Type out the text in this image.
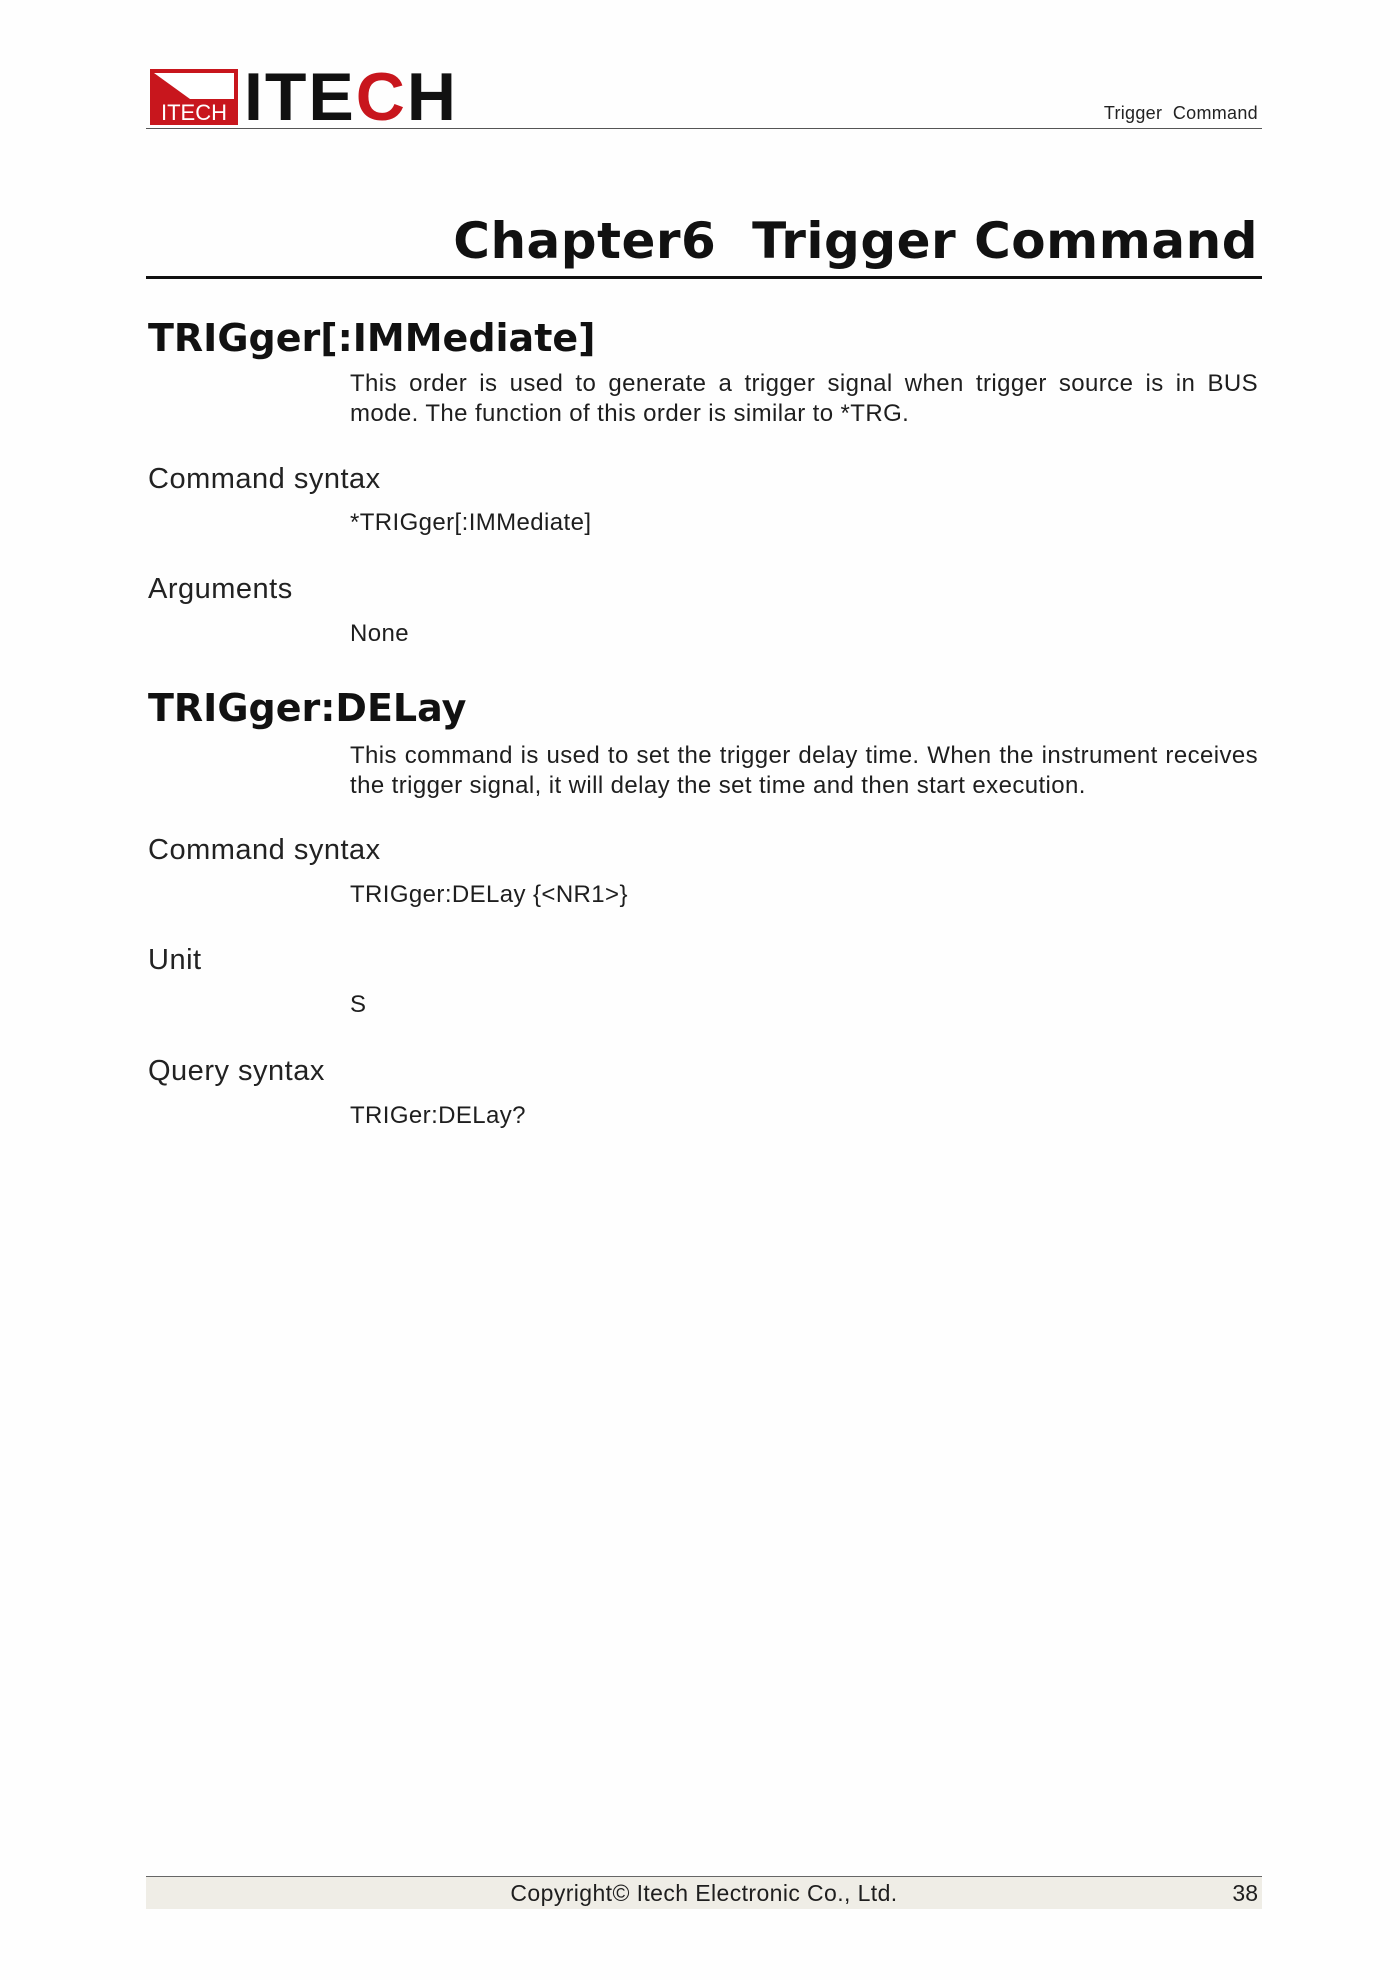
ITECH ITECH	Trigger  Command
Chapter6  Trigger Command
TRIGger[:IMMediate]
This order is used to generate a trigger signal when trigger source is in BUS mode. The function of this order is similar to *TRG.
Command syntax
*TRIGger[:IMMediate]
Arguments
None
TRIGger:DELay
This command is used to set the trigger delay time. When the instrument receives the trigger signal, it will delay the set time and then start execution.
Command syntax
TRIGger:DELay {<NR1>}
Unit
S
Query syntax
TRIGer:DELay?
Copyright© Itech Electronic Co., Ltd.	38
